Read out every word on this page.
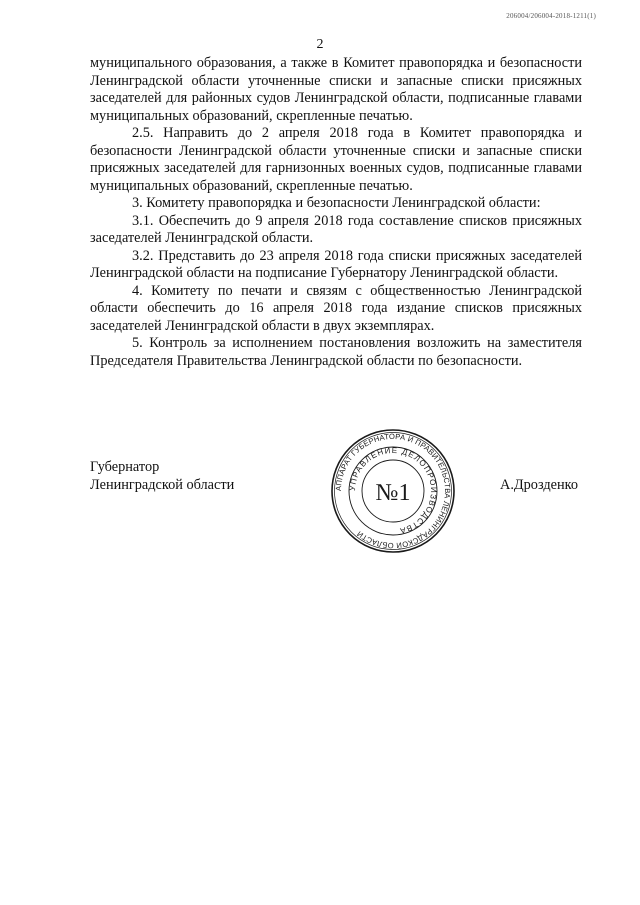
206004/206004-2018-1211(1)
2

муниципального образования, а также в Комитет правопорядка и безопасности Ленинградской области уточненные списки и запасные списки присяжных заседателей для районных судов Ленинградской области, подписанные главами муниципальных образований, скрепленные печатью.

2.5. Направить до 2 апреля 2018 года в Комитет правопорядка и безопасности Ленинградской области уточненные списки и запасные списки присяжных заседателей для гарнизонных военных судов, подписанные главами муниципальных образований, скрепленные печатью.

3. Комитету правопорядка и безопасности Ленинградской области:

3.1. Обеспечить до 9 апреля 2018 года составление списков присяжных заседателей Ленинградской области.

3.2. Представить до 23 апреля 2018 года списки присяжных заседателей Ленинградской области на подписание Губернатору Ленинградской области.

4. Комитету по печати и связям с общественностью Ленинградской области обеспечить до 16 апреля 2018 года издание списков присяжных заседателей Ленинградской области в двух экземплярах.

5. Контроль за исполнением постановления возложить на заместителя Председателя Правительства Ленинградской области по безопасности.

Губернатор
Ленинградской области	А.Дрозденко
АППАРАТ ГУБЕРНАТОРА И ПРАВИТЕЛЬСТВА ЛЕНИНГРАДСКОЙ ОБЛАСТИ
УПРАВЛЕНИЕ ДЕЛОПРОИЗВОДСТВА
№1
